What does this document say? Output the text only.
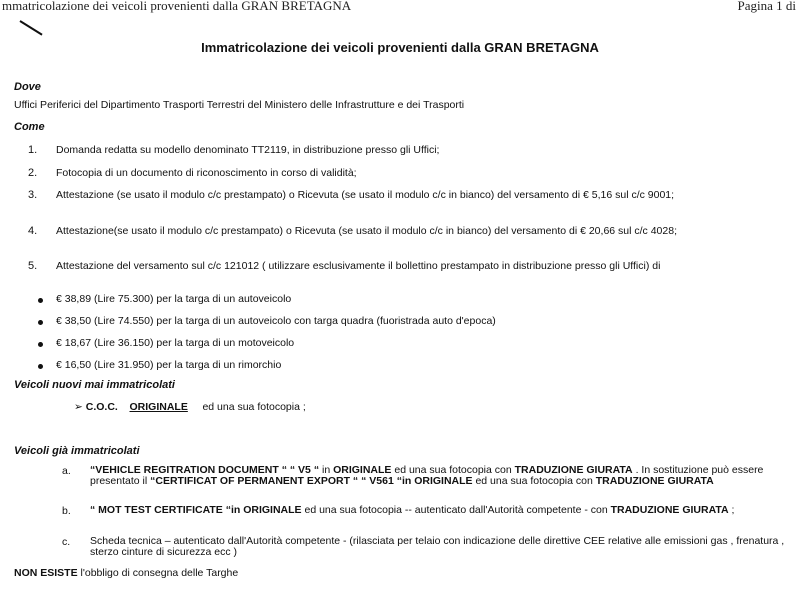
mmatricolazione dei veicoli provenienti dalla GRAN BRETAGNA	Pagina 1 di
Immatricolazione dei veicoli provenienti dalla GRAN BRETAGNA
Dove
Uffici Periferici del Dipartimento Trasporti Terrestri del Ministero delle Infrastrutture e dei Trasporti
Come
1. Domanda redatta su modello denominato TT2119, in distribuzione presso gli Uffici;
2. Fotocopia di un documento di riconoscimento in corso di validità;
3. Attestazione (se usato il modulo c/c prestampato) o Ricevuta (se usato il modulo c/c in bianco) del versamento di € 5,16 sul c/c 9001;
4. Attestazione(se usato il modulo c/c prestampato) o Ricevuta (se usato il modulo c/c in bianco) del versamento di € 20,66 sul c/c 4028;
5. Attestazione del versamento sul c/c 121012 ( utilizzare esclusivamente il bollettino prestampato in distribuzione presso gli Uffici) di
€ 38,89 (Lire 75.300) per la targa di un autoveicolo
€ 38,50 (Lire 74.550) per la targa di un autoveicolo con targa quadra (fuoristrada auto d'epoca)
€ 18,67 (Lire 36.150) per la targa di un motoveicolo
€ 16,50 (Lire 31.950) per la targa di un rimorchio
Veicoli nuovi mai immatricolati
➢ C.O.C. ORIGINALE ed una sua fotocopia ;
Veicoli già immatricolati
a. “VEHICLE REGITRATION DOCUMENT “ “ V5 “ in ORIGINALE ed una sua fotocopia con TRADUZIONE GIURATA . In sostituzione può essere presentato il “CERTIFICAT OF PERMANENT EXPORT “ “ V561 “in ORIGINALE ed una sua fotocopia con TRADUZIONE GIURATA
b. “ MOT TEST CERTIFICATE “in ORIGINALE ed una sua fotocopia -- autenticato dall'Autorità competente - con TRADUZIONE GIURATA ;
c. Scheda tecnica – autenticato dall'Autorità competente - (rilasciata per telaio con indicazione delle direttive CEE relative alle emissioni gas , frenatura , sterzo cinture di sicurezza ecc )
NON ESISTE l'obbligo di consegna delle Targhe
